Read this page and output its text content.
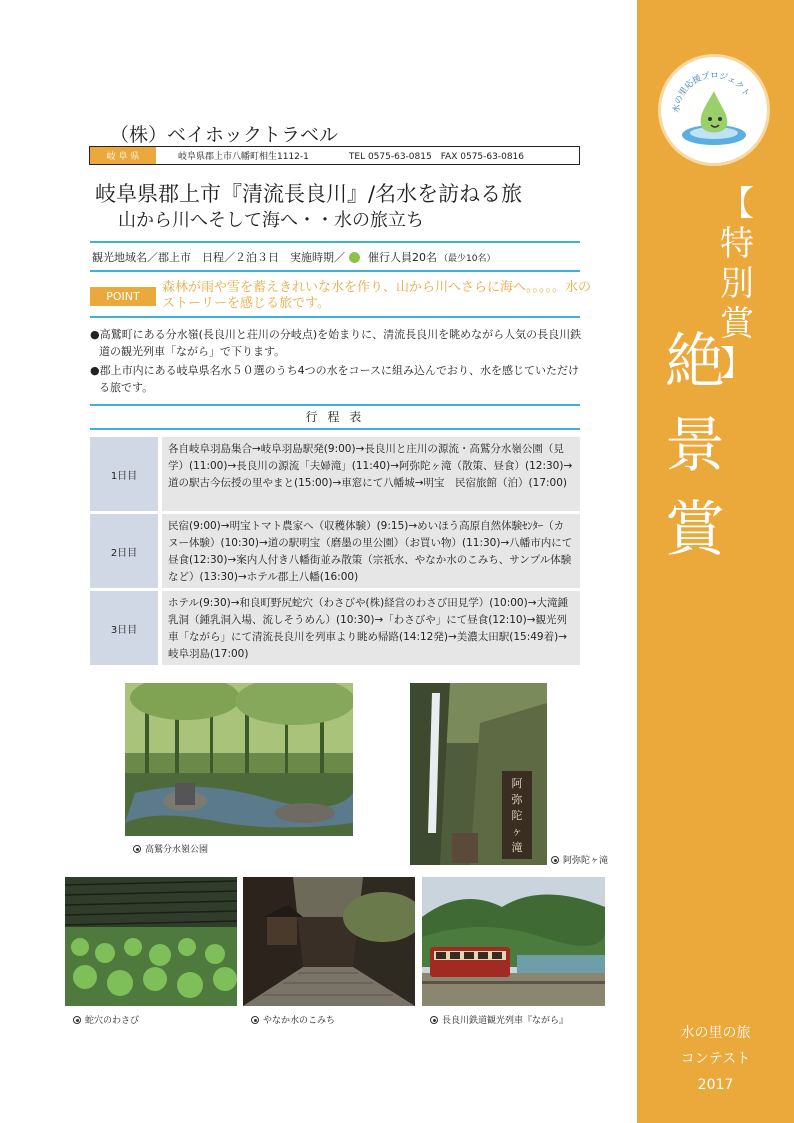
水の里応援プロジェクト
【
特
別
賞
】
絶
景
賞
水の里の旅
コンテスト
2017
（株）ベイホックトラベル
岐 阜 県	岐阜県郡上市八幡町相生1112-1	TEL 0575-63-0815　FAX 0575-63-0816
岐阜県郡上市『清流長良川』/名水を訪ねる旅
山から川へそして海へ・・水の旅立ち
観光地域名／郡上市　日程／２泊３日　実施時期／ 催行人員20名 （最少10名）
POINT
森林が雨や雪を蓄えきれいな水を作り、山から川へさらに海へ。。。。。水のストーリーを感じる旅です。

●高鷲町にある分水嶺(長良川と荘川の分岐点)を始まりに、清流長良川を眺めながら人気の長良川鉄道の観光列車「ながら」で下ります。

●郡上市内にある岐阜県名水５０選のうち4つの水をコースに組み込んでおり、水を感じていただける旅です。

行 程 表
1日目
各自岐阜羽島集合→岐阜羽島駅発(9:00)→長良川と庄川の源流・高鷲分水嶺公園（見学）(11:00)→長良川の源流「夫婦滝」(11:40)→阿弥陀ヶ滝（散策、昼食）(12:30)→道の駅古今伝授の里やまと(15:00)→車窓にて八幡城→明宝　民宿旅館（泊）(17:00)
2日目
民宿(9:00)→明宝トマト農家へ（収穫体験）(9:15)→めいほう高原自然体験ｾﾝﾀｰ（カヌー体験）(10:30)→道の駅明宝（磨墨の里公園）（お買い物）(11:30)→八幡市内にて昼食(12:30)→案内人付き八幡街並み散策（宗祇水、やなか水のこみち、サンプル体験など）(13:30)→ホテル郡上八幡(16:00)
3日目
ホテル(9:30)→和良町野尻蛇穴（わさびや(株)経営のわさび田見学）(10:00)→大滝鍾乳洞（鍾乳洞入場、流しそうめん）(10:30)→「わさびや」にて昼食(12:10)→観光列車「ながら」にて清流長良川を列車より眺め帰路(14:12発)→美濃太田駅(15:49着)→岐阜羽島(17:00)
高鷲分水嶺公園
阿
弥
陀
ヶ
滝
阿弥陀ヶ滝
蛇穴のわさび	やなか水のこみち	長良川鉄道観光列車『ながら』
